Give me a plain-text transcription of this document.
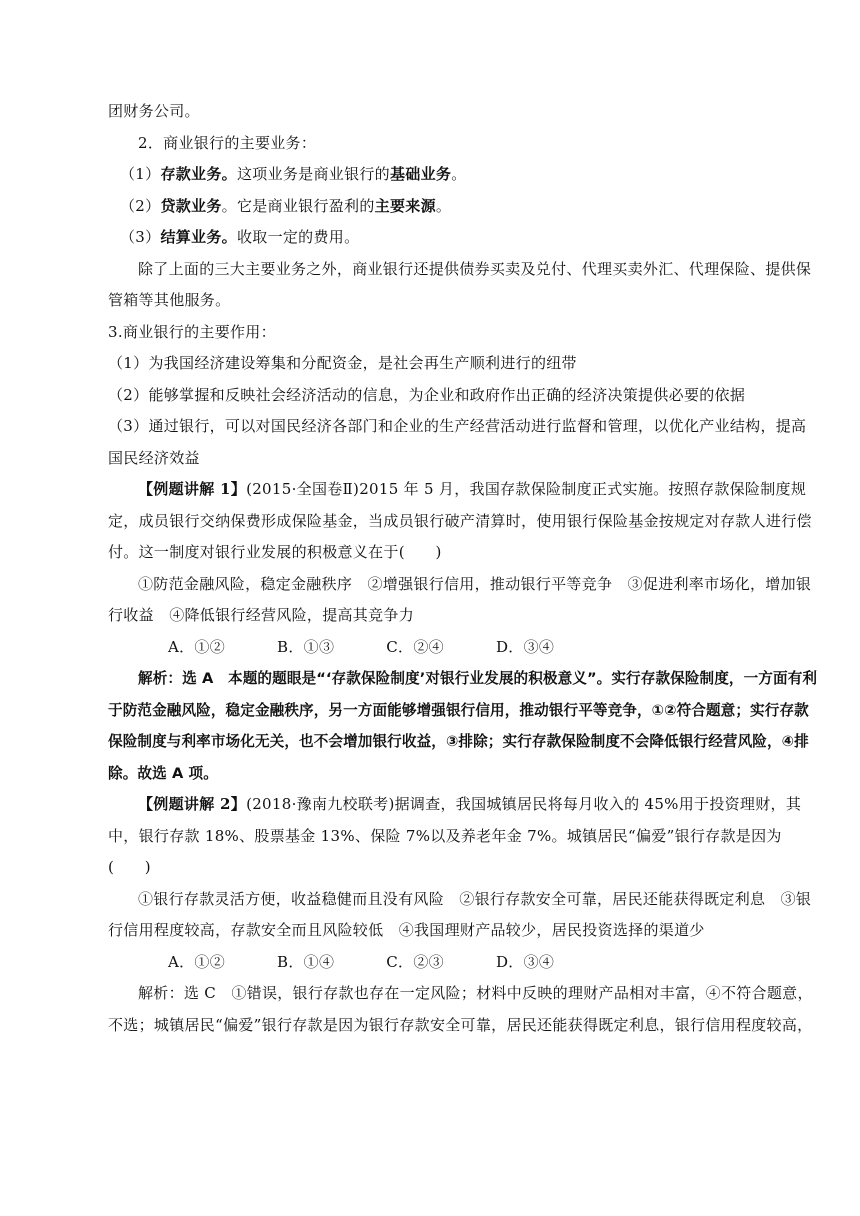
团财务公司。

2．商业银行的主要业务：

（1）存款业务。这项业务是商业银行的基础业务。

（2）贷款业务。它是商业银行盈利的主要来源。

（3）结算业务。收取一定的费用。

除了上面的三大主要业务之外，商业银行还提供债券买卖及兑付、代理买卖外汇、代理保险、提供保管箱等其他服务。

3.商业银行的主要作用：

（1）为我国经济建设筹集和分配资金，是社会再生产顺利进行的纽带

（2）能够掌握和反映社会经济活动的信息，为企业和政府作出正确的经济决策提供必要的依据

（3）通过银行，可以对国民经济各部门和企业的生产经营活动进行监督和管理，以优化产业结构，提高国民经济效益

【例题讲解 1】(2015·全国卷Ⅱ)2015 年 5 月，我国存款保险制度正式实施。按照存款保险制度规定，成员银行交纳保费形成保险基金，当成员银行破产清算时，使用银行保险基金按规定对存款人进行偿付。这一制度对银行业发展的积极意义在于(　　)

①防范金融风险，稳定金融秩序　②增强银行信用，推动银行平等竞争　③促进利率市场化，增加银行收益　④降低银行经营风险，提高其竞争力

A．①②	B．①③	C．②④	D．③④

解析：选 A　本题的题眼是“‘存款保险制度’对银行业发展的积极意义”。实行存款保险制度，一方面有利于防范金融风险，稳定金融秩序，另一方面能够增强银行信用，推动银行平等竞争，①②符合题意；实行存款保险制度与利率市场化无关，也不会增加银行收益，③排除；实行存款保险制度不会降低银行经营风险，④排除。故选 A 项。

【例题讲解 2】(2018·豫南九校联考)据调查，我国城镇居民将每月收入的 45%用于投资理财，其中，银行存款 18%、股票基金 13%、保险 7%以及养老年金 7%。城镇居民“偏爱”银行存款是因为(　　)

①银行存款灵活方便，收益稳健而且没有风险　②银行存款安全可靠，居民还能获得既定利息　③银行信用程度较高，存款安全而且风险较低　④我国理财产品较少，居民投资选择的渠道少

A．①②	B．①④	C．②③	D．③④

解析：选 C　①错误，银行存款也存在一定风险；材料中反映的理财产品相对丰富，④不符合题意，不选；城镇居民“偏爱”银行存款是因为银行存款安全可靠，居民还能获得既定利息，银行信用程度较高，
